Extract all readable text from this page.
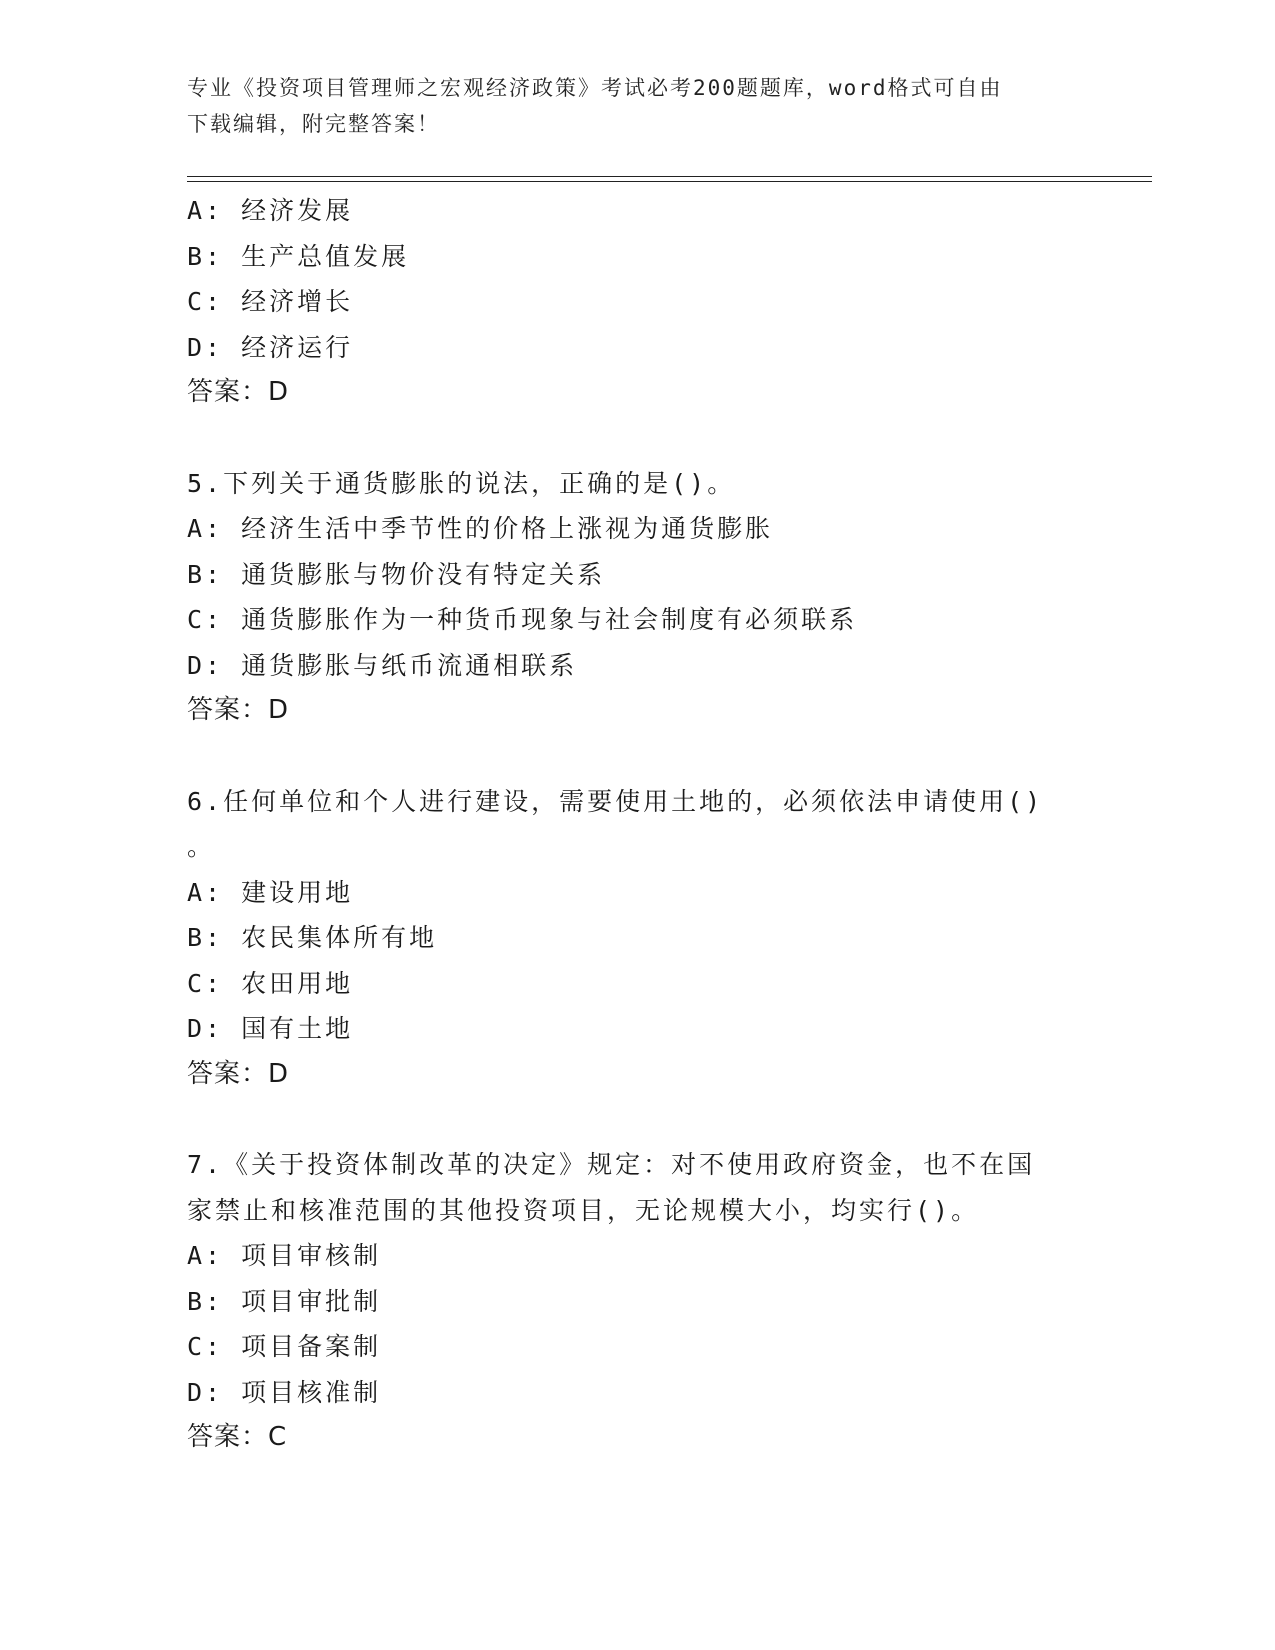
专业《投资项目管理师之宏观经济政策》考试必考200题题库，word格式可自由
下载编辑，附完整答案！
A: 经济发展
B: 生产总值发展
C: 经济增长
D: 经济运行
答案：D
5.下列关于通货膨胀的说法，正确的是()。
A: 经济生活中季节性的价格上涨视为通货膨胀
B: 通货膨胀与物价没有特定关系
C: 通货膨胀作为一种货币现象与社会制度有必须联系
D: 通货膨胀与纸币流通相联系
答案：D
6.任何单位和个人进行建设，需要使用土地的，必须依法申请使用()
。
A: 建设用地
B: 农民集体所有地
C: 农田用地
D: 国有土地
答案：D
7.《关于投资体制改革的决定》规定：对不使用政府资金，也不在国
家禁止和核准范围的其他投资项目，无论规模大小，均实行()。
A: 项目审核制
B: 项目审批制
C: 项目备案制
D: 项目核准制
答案：C
